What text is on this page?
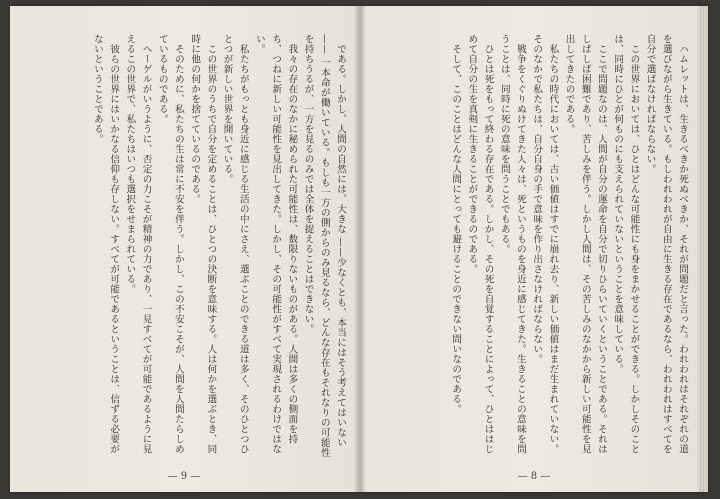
ハムレットは、生きるべきか死ぬべきか、それが問題だと言った。われわれはそれぞれの道を選びながら生きている。もしわれわれが自由に生きる存在であるなら、われわれはすべてを自分で選ばなければならない。

この世界においては、ひとはどんな可能性にも身をまかせることができる。しかしそのことは、同時にひとが何ものにも支えられていないということを意味している。

ここで問題なのは、人間が自分の運命を自分で切りひらいていくということである。それはしばしば困難であり、苦しみを伴う。しかし人間は、その苦しみのなかから新しい可能性を見出してきたのである。

私たちの時代においては、古い価値はすでに崩れ去り、新しい価値はまだ生まれていない。そのなかで私たちは、自分自身の手で意味を作り出さなければならない。

戦争をくぐりぬけてきた人々は、死というものを身近に感じてきた。生きることの意味を問うことは、同時に死の意味を問うことでもある。

ひとは死をもって終わる存在である。しかし、その死を自覚することによって、ひとははじめて自分の生を真剣に生きることができるのである。

そして、このことはどんな人間にとっても避けることのできない問いなのである。

— 8 —

である。しかし、人間の自然には、大きな ——少なくとも、本当にはそう考えてはいない—— 一本命が働いている。もしも一方の側からのみ見るなら、どんな存在もそれなりの可能性を持ちうるが、一方を見るのみでは全体を捉えることはできない。

我々の存在のなかに秘められた可能性は、数限りないものがある。人間は多くの側面を持ち、つねに新しい可能性を見出してきた。しかし、その可能性がすべて実現されるわけではない。

私たちがもっとも身近に感じる生活の中にさえ、選ぶことのできる道は多く、そのひとつひとつが新しい世界を開いている。

この世界のうちで自分を定めることは、ひとつの決断を意味する。人は何かを選ぶとき、同時に他の何かを捨てているのである。

そのために、私たちの生は常に不安を伴う。しかし、この不安こそが、人間を人間たらしめているものである。

ヘーゲルがいうように、否定の力こそが精神の力であり、一見すべてが可能であるように見えるこの世界で、私たちはいつも選択をせまられている。

彼らの世界にはいかなる信仰も存しない。すべてが可能であるということは、信ずる必要がないということである。

— 9 —
